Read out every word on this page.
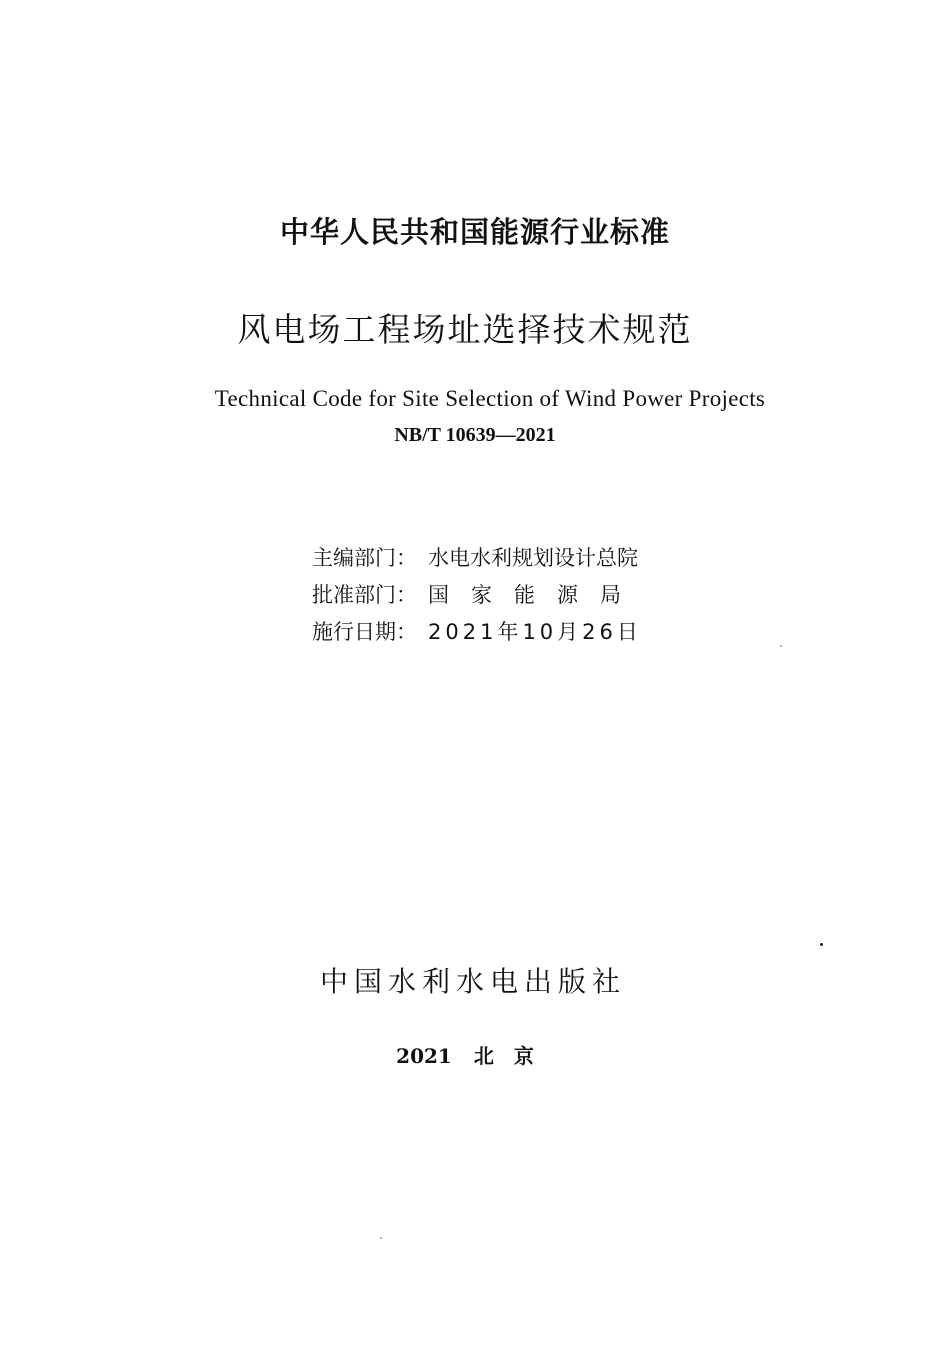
中华人民共和国能源行业标准
风电场工程场址选择技术规范
Technical Code for Site Selection of Wind Power Projects
NB/T 10639—2021
主编部门： 水电水利规划设计总院
批准部门： 国家能源局
施行日期： 2021年10月26日
中国水利水电出版社
2021 北京
